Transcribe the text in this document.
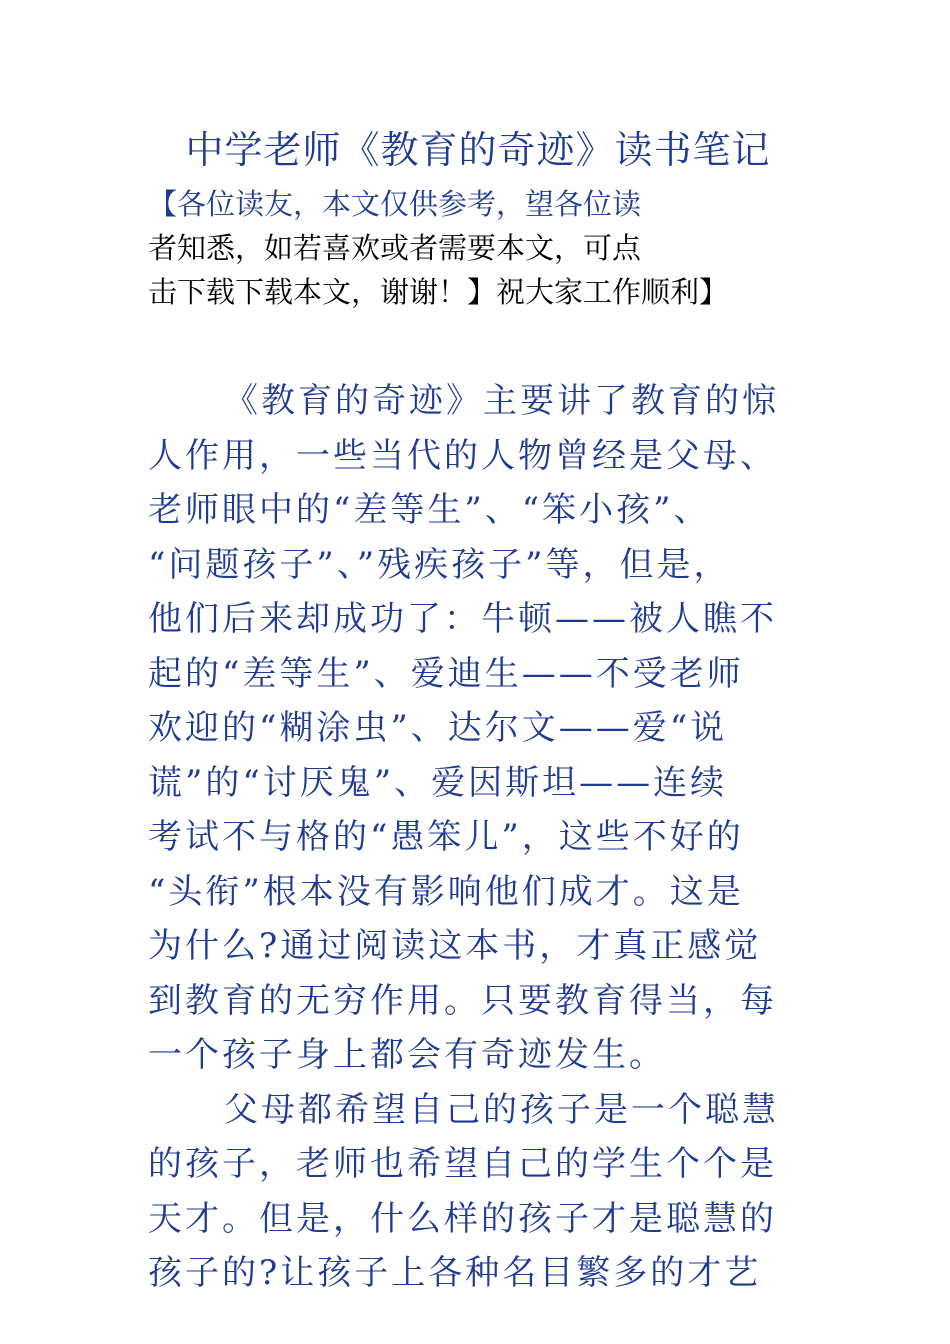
中学老师《教育的奇迹》读书笔记
【各位读友，本文仅供参考，望各位读
者知悉，如若喜欢或者需要本文，可点
击下载下载本文，谢谢！】祝大家工作顺利】
《教育的奇迹》主要讲了教育的惊
人作用，一些当代的人物曾经是父母、
老师眼中的“差等生”、“笨小孩”、
“问题孩子”、”残疾孩子”等，但是，
他们后来却成功了：牛顿——被人瞧不
起的“差等生”、爱迪生——不受老师
欢迎的“糊涂虫”、达尔文——爱“说
谎”的“讨厌鬼”、爱因斯坦——连续
考试不与格的“愚笨儿”，这些不好的
“头衔”根本没有影响他们成才。这是
为什么?通过阅读这本书，才真正感觉
到教育的无穷作用。只要教育得当，每
一个孩子身上都会有奇迹发生。
父母都希望自己的孩子是一个聪慧
的孩子，老师也希望自己的学生个个是
天才。但是，什么样的孩子才是聪慧的
孩子的?让孩子上各种名目繁多的才艺
